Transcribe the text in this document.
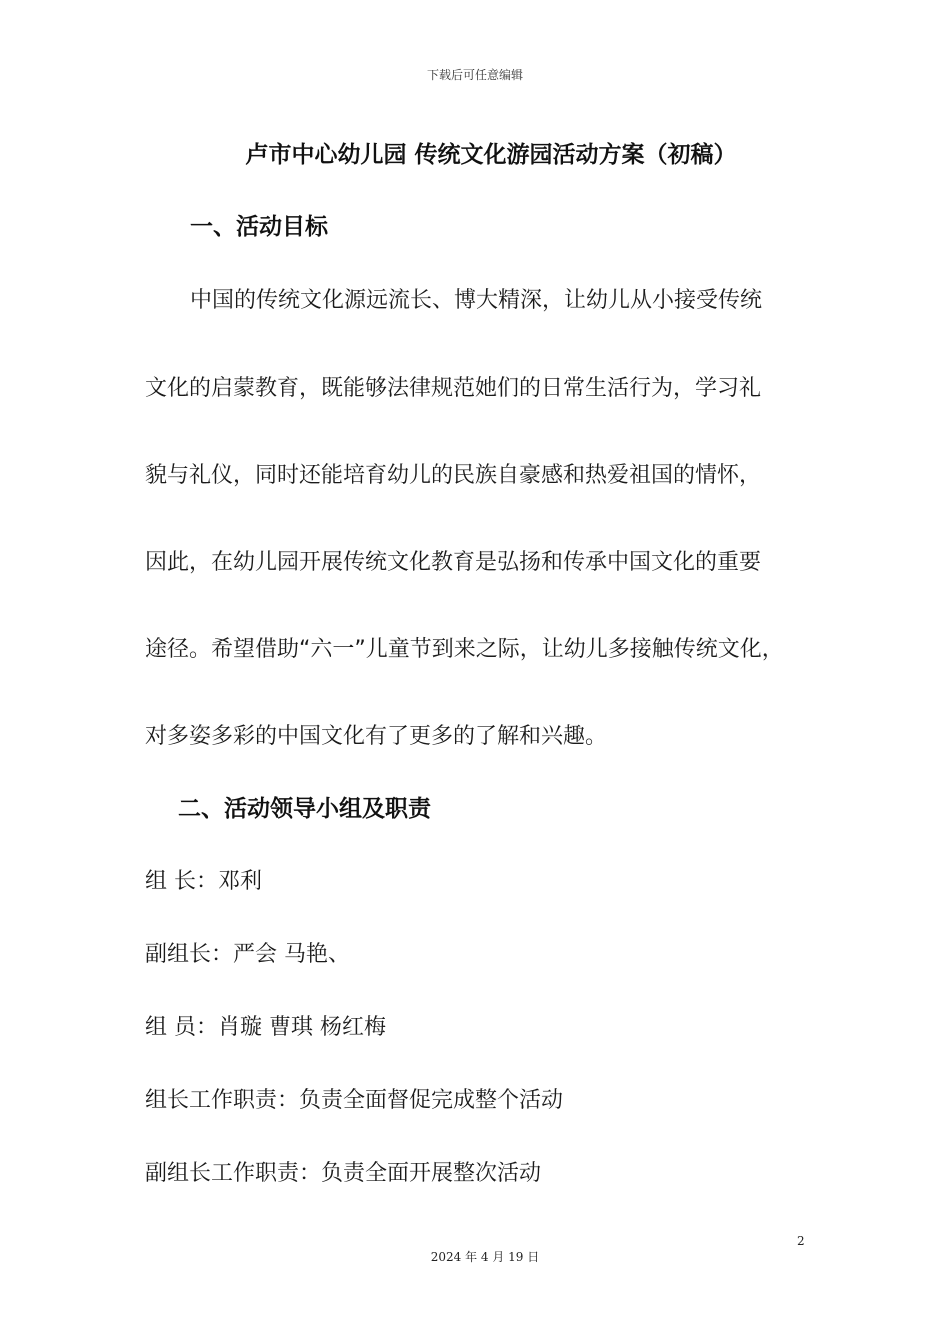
下载后可任意编辑
卢市中心幼儿园 传统文化游园活动方案（初稿）
一、活动目标
中国的传统文化源远流长、博大精深，让幼儿从小接受传统
文化的启蒙教育，既能够法律规范她们的日常生活行为，学习礼
貌与礼仪，同时还能培育幼儿的民族自豪感和热爱祖国的情怀，
因此，在幼儿园开展传统文化教育是弘扬和传承中国文化的重要
途径。希望借助“六一”儿童节到来之际，让幼儿多接触传统文化，
对多姿多彩的中国文化有了更多的了解和兴趣。
二、活动领导小组及职责
组 长：邓利
副组长：严会 马艳、
组 员：肖璇 曹琪 杨红梅
组长工作职责：负责全面督促完成整个活动
副组长工作职责：负责全面开展整次活动
2
2024 年 4 月 19 日
